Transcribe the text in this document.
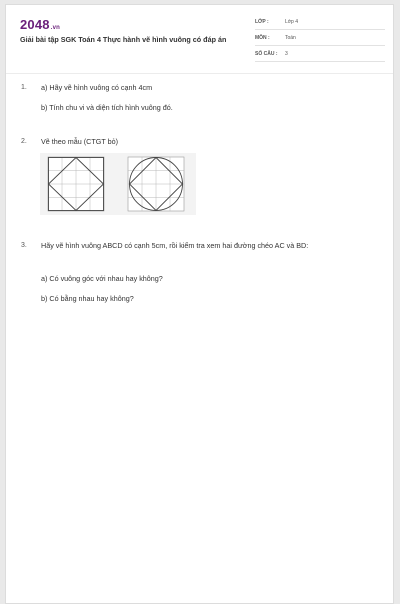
2048.vn
Giải bài tập SGK Toán 4 Thực hành vẽ hình vuông có đáp án
LỚP :	Lớp 4
MÔN :	Toán
SỐ CÂU : 3
1. a) Hãy vẽ hình vuông có cạnh 4cm
b) Tính chu vi và diện tích hình vuông đó.
2. Vẽ theo mẫu (CTGT bỏ)
3. Hãy vẽ hình vuông ABCD có cạnh 5cm, rồi kiểm tra xem hai đường chéo AC và BD:
a) Có vuông góc với nhau hay không?
b) Có bằng nhau hay không?
